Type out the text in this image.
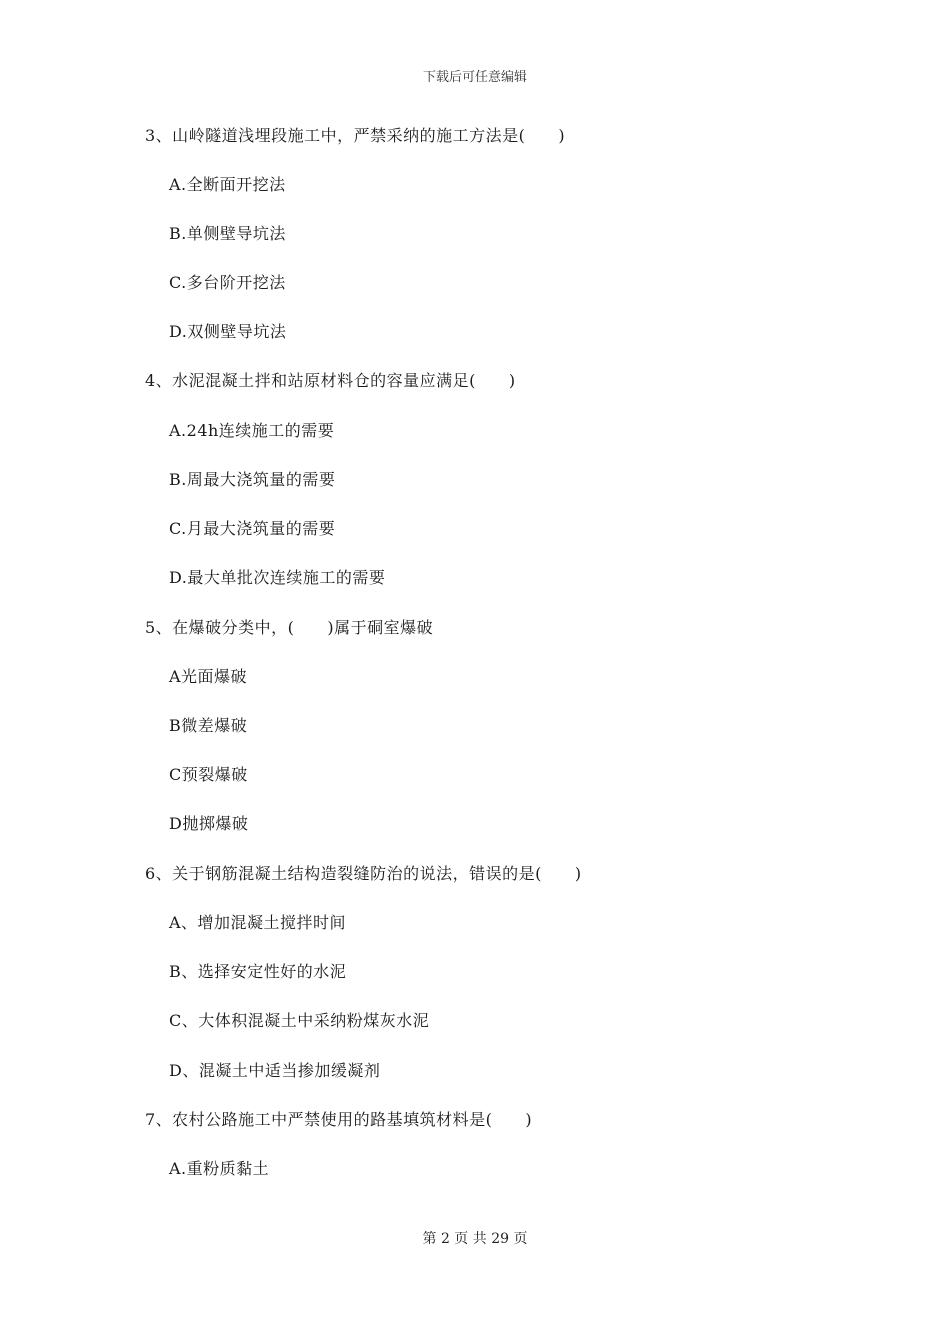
下载后可任意编辑
3、山岭隧道浅埋段施工中，严禁采纳的施工方法是(　　)
A.全断面开挖法
B.单侧壁导坑法
C.多台阶开挖法
D.双侧壁导坑法
4、水泥混凝土拌和站原材料仓的容量应满足(　　)
A.24h连续施工的需要
B.周最大浇筑量的需要
C.月最大浇筑量的需要
D.最大单批次连续施工的需要
5、在爆破分类中，(　　)属于硐室爆破
A光面爆破
B微差爆破
C预裂爆破
D抛掷爆破
6、关于钢筋混凝土结构造裂缝防治的说法，错误的是(　　)
A、增加混凝土搅拌时间
B、选择安定性好的水泥
C、大体积混凝土中采纳粉煤灰水泥
D、混凝土中适当掺加缓凝剂
7、农村公路施工中严禁使用的路基填筑材料是(　　)
A.重粉质黏土
第 2 页 共 29 页
